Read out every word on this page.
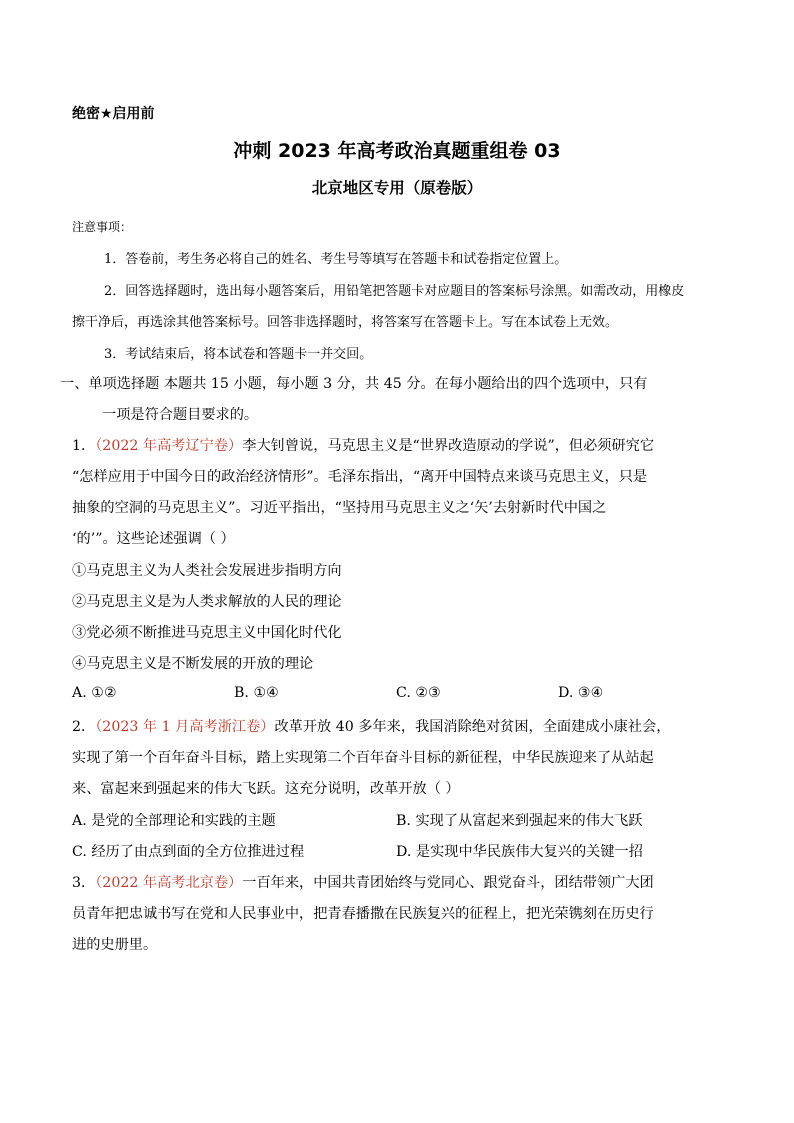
绝密★启用前
冲刺 2023 年高考政治真题重组卷 03
北京地区专用（原卷版）
注意事项：
1．答卷前，考生务必将自己的姓名、考生号等填写在答题卡和试卷指定位置上。
2．回答选择题时，选出每小题答案后，用铅笔把答题卡对应题目的答案标号涂黑。如需改动，用橡皮
擦干净后，再选涂其他答案标号。回答非选择题时，将答案写在答题卡上。写在本试卷上无效。
3．考试结束后，将本试卷和答题卡一并交回。
一、单项选择题 本题共 15 小题，每小题 3 分，共 45 分。在每小题给出的四个选项中，只有
一项是符合题目要求的。
1．（2022 年高考辽宁卷）李大钊曾说，马克思主义是“世界改造原动的学说”，但必须研究它
“怎样应用于中国今日的政治经济情形”。毛泽东指出，“离开中国特点来谈马克思主义，只是
抽象的空洞的马克思主义”。习近平指出，“坚持用马克思主义之‘矢’去射新时代中国之
‘的’”。这些论述强调（ ）
①马克思主义为人类社会发展进步指明方向
②马克思主义是为人类求解放的人民的理论
③党必须不断推进马克思主义中国化时代化
④马克思主义是不断发展的开放的理论
A. ①②	B. ①④	C. ②③	D. ③④
2．（2023 年 1 月高考浙江卷）改革开放 40 多年来，我国消除绝对贫困，全面建成小康社会，
实现了第一个百年奋斗目标，踏上实现第二个百年奋斗目标的新征程，中华民族迎来了从站起
来、富起来到强起来的伟大飞跃。这充分说明，改革开放（ ）
A. 是党的全部理论和实践的主题	B. 实现了从富起来到强起来的伟大飞跃
C. 经历了由点到面的全方位推进过程	D. 是实现中华民族伟大复兴的关键一招
3．（2022 年高考北京卷）一百年来，中国共青团始终与党同心、跟党奋斗，团结带领广大团
员青年把忠诚书写在党和人民事业中，把青春播撒在民族复兴的征程上，把光荣镌刻在历史行
进的史册里。
